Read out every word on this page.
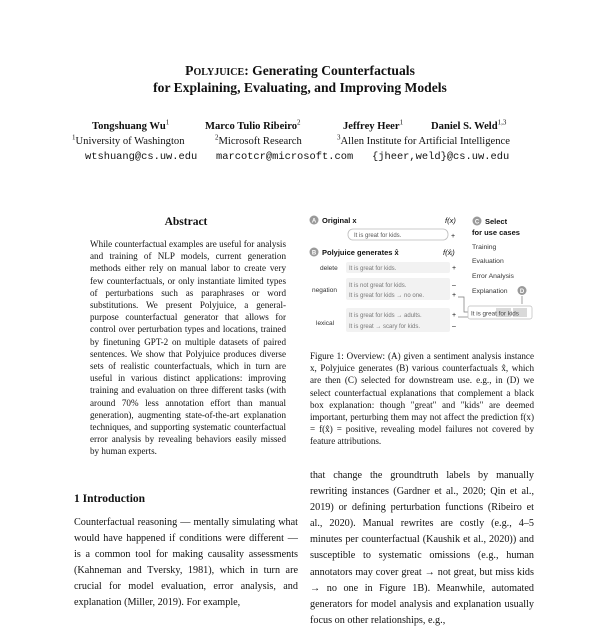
Polyjuice: Generating Counterfactuals
for Explaining, Evaluating, and Improving Models
Tongshuang Wu$^1$	Marco Tulio Ribeiro$^2$	Jeffrey Heer$^1$	Daniel S. Weld$^{1,3}$
$^1$University of Washington	$^2$Microsoft Research	$^3$Allen Institute for Artificial Intelligence
wtshuang@cs.uw.edu marcotcr@microsoft.com {jheer,weld}@cs.uw.edu
Abstract
While counterfactual examples are useful for analysis and training of NLP models, current generation methods either rely on manual labor to create very few counterfactuals, or only instantiate limited types of perturbations such as paraphrases or word substitutions. We present Polyjuice, a general-purpose counterfactual generator that allows for control over perturbation types and locations, trained by finetuning GPT-2 on multiple datasets of paired sentences. We show that Polyjuice produces diverse sets of realistic counterfactuals, which in turn are useful in various distinct applications: improving training and evaluation on three different tasks (with around 70% less annotation effort than manual generation), augmenting state-of-the-art explanation techniques, and supporting systematic counterfactual error analysis by revealing behaviors easily missed by human experts.
1 Introduction
Counterfactual reasoning — mentally simulating what would have happened if conditions were different — is a common tool for making causality assessments (Kahneman and Tversky, 1981), which in turn are crucial for model evaluation, error analysis, and explanation (Miller, 2019). For example,
that change the groundtruth labels by manually rewriting instances (Gardner et al., 2020; Qin et al., 2019) or defining perturbation functions (Ribeiro et al., 2020). Manual rewrites are costly (e.g., 4–5 minutes per counterfactual (Kaushik et al., 2020)) and susceptible to systematic omissions (e.g., human annotators may cover great → not great, but miss kids → no one in Figure 1B). Meanwhile, automated generators for model analysis and explanation usually focus on other relationships, e.g.,
A Original x	f(x)
It is great for kids.	+
B Polyjuice generates x̂	f(x̂ᵢ)
delete It is great for kids.	+
negation
It is not great for kids.	–
It is great for kids → no one.	+
lexical
It is great for kids → adults.	+
It is great → scary for kids.	–
C Select
for use cases
Training
Evaluation
Error Analysis
Explanation D
It is great for kids
Figure 1: Overview: (A) given a sentiment analysis instance x, Polyjuice generates (B) various counterfactuals x̂, which are then (C) selected for downstream use. e.g., in (D) we select counterfactual explanations that complement a black box explanation: though "great" and "kids" are deemed important, perturbing them may not affect the prediction f(x) = f(x̂) = positive, revealing model failures not covered by feature attributions.
